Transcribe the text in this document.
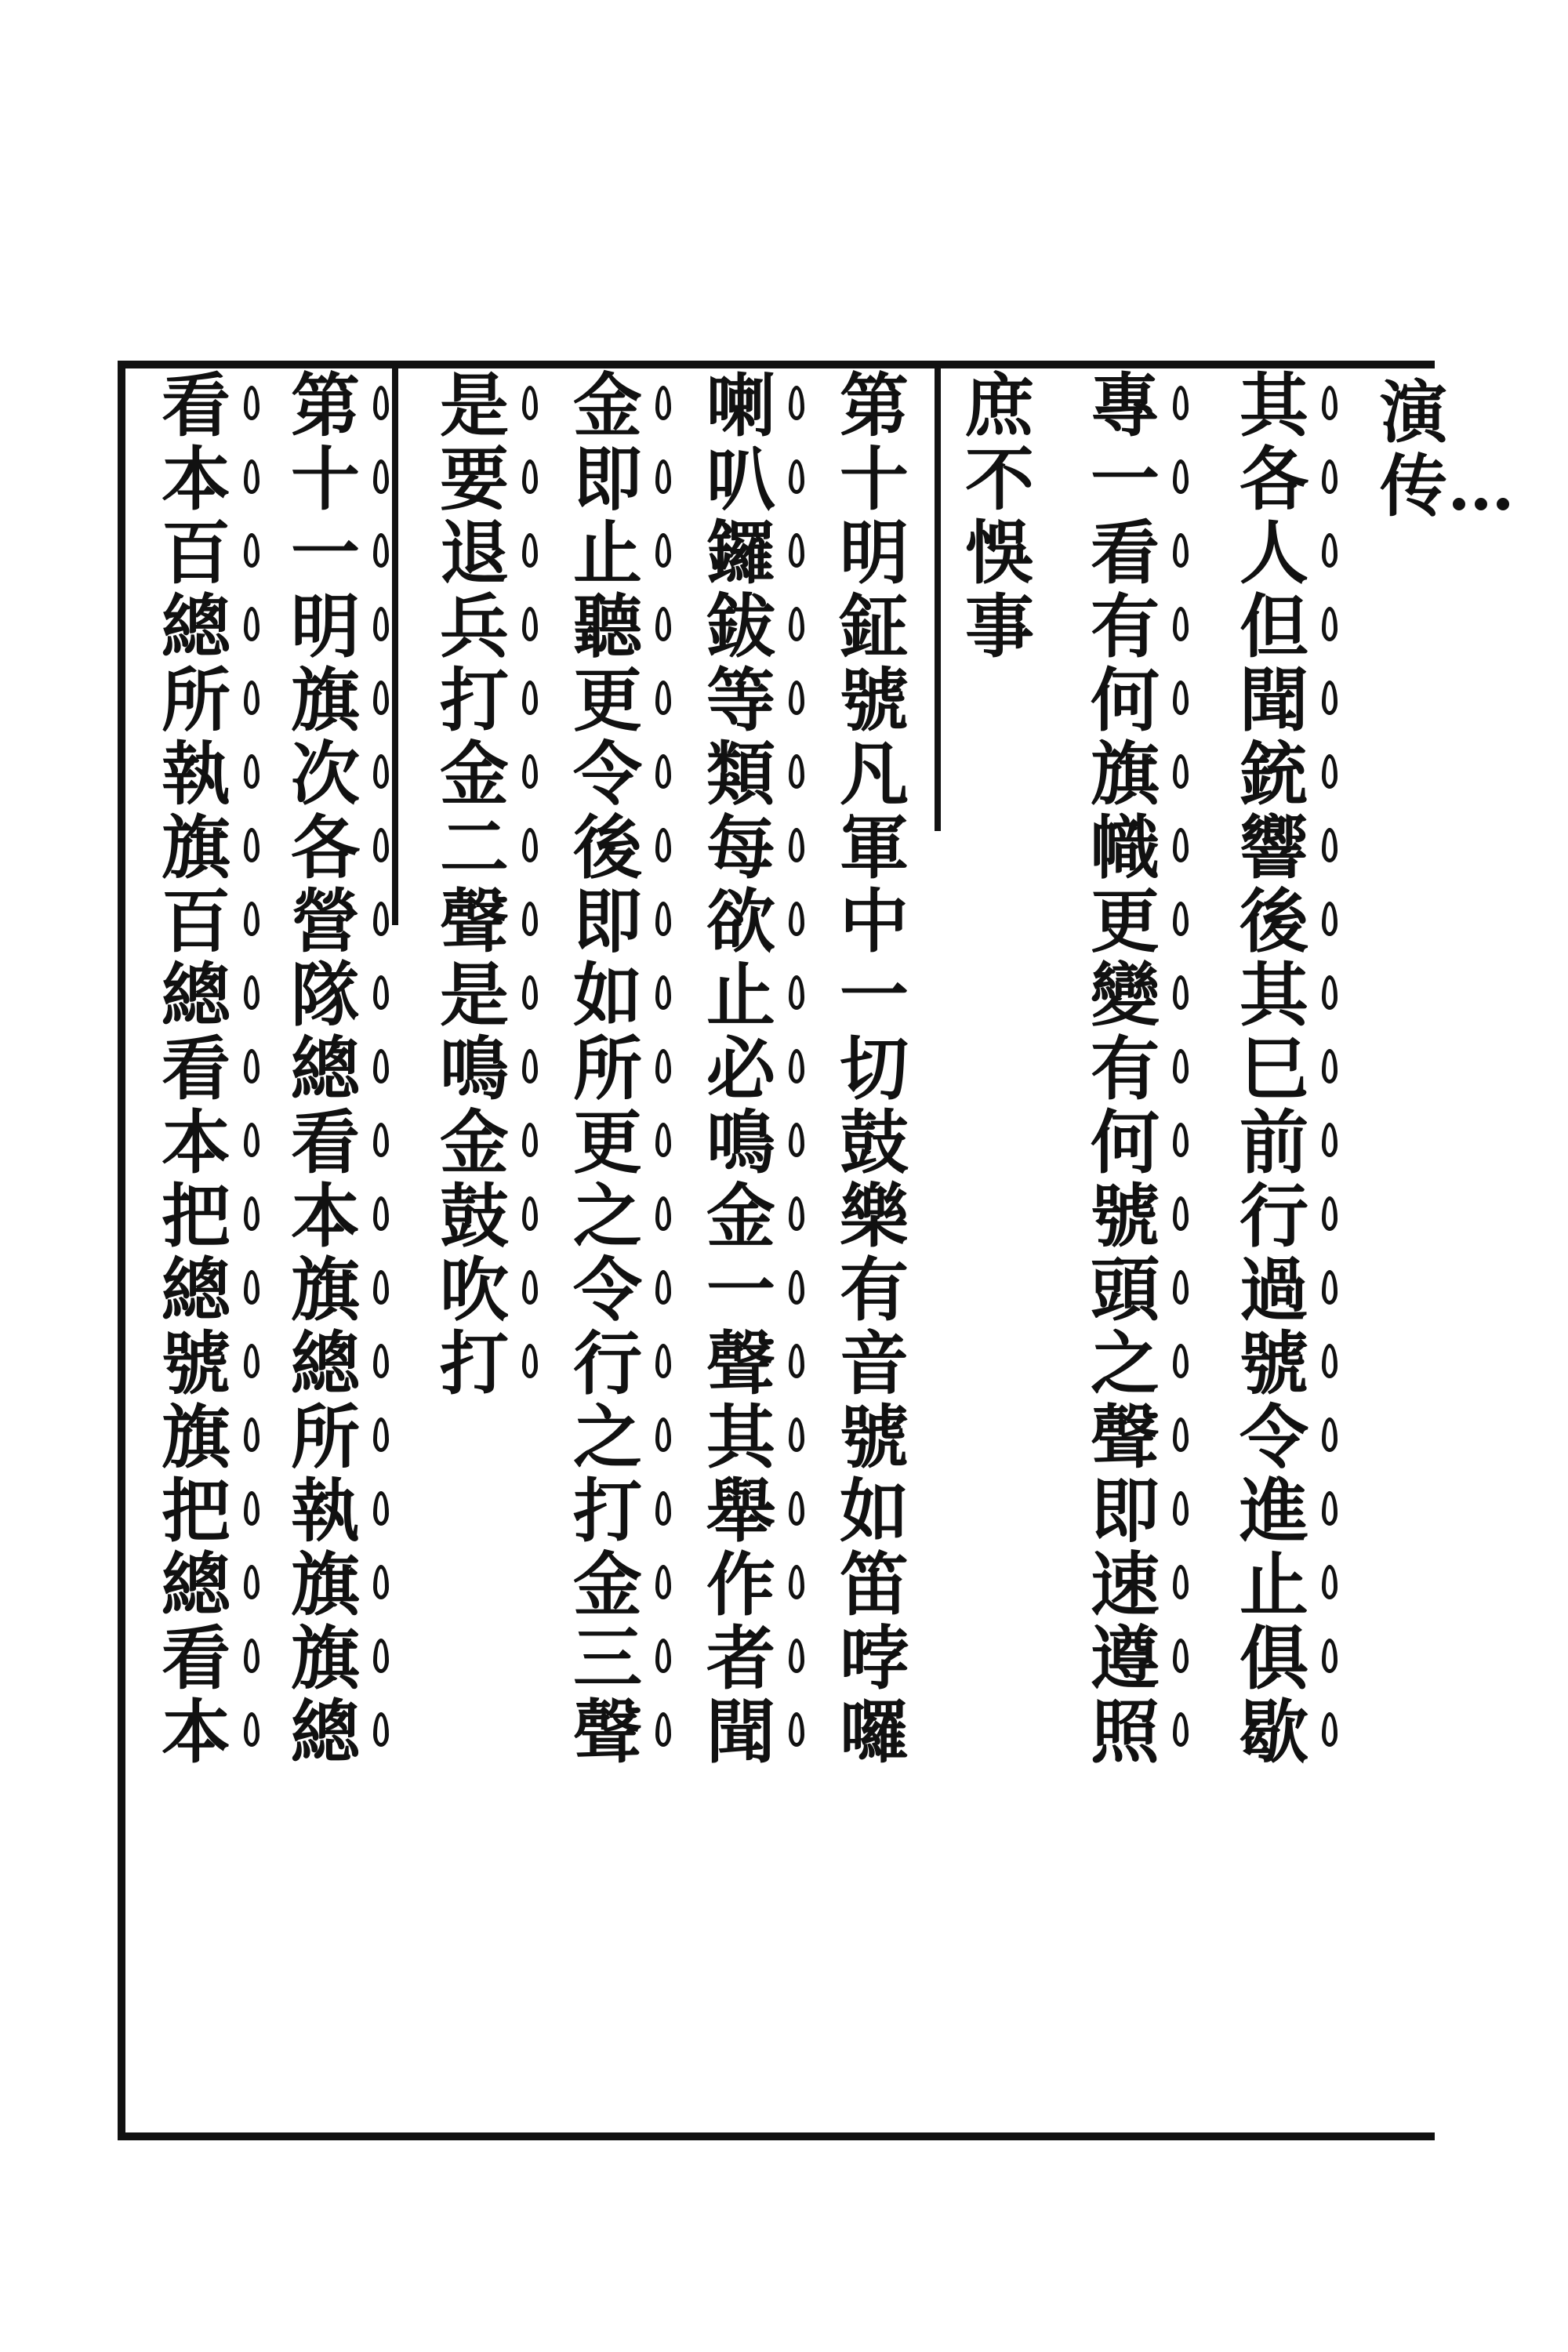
演传…
其
各
人
但
聞
銃
響
後
其
巳
前
行
過
號
令
進
止
俱
歇
專
一
看
有
何
旗
幟
更
變
有
何
號
頭
之
聲
即
速
遵
照
庶
不
悞
事
第
十
明
鉦
號
凡
軍
中
一
切
鼓
樂
有
音
號
如
笛
哱
囉
喇
叭
鑼
鈸
等
類
每
欲
止
必
鳴
金
一
聲
其
舉
作
者
聞
金
即
止
聽
更
令
後
即
如
所
更
之
令
行
之
打
金
三
聲
是
要
退
兵
打
金
二
聲
是
鳴
金
鼓
吹
打
第
十
一
明
旗
次
各
營
隊
總
看
本
旗
總
所
執
旗
旗
總
看
本
百
總
所
執
旗
百
總
看
本
把
總
號
旗
把
總
看
本
